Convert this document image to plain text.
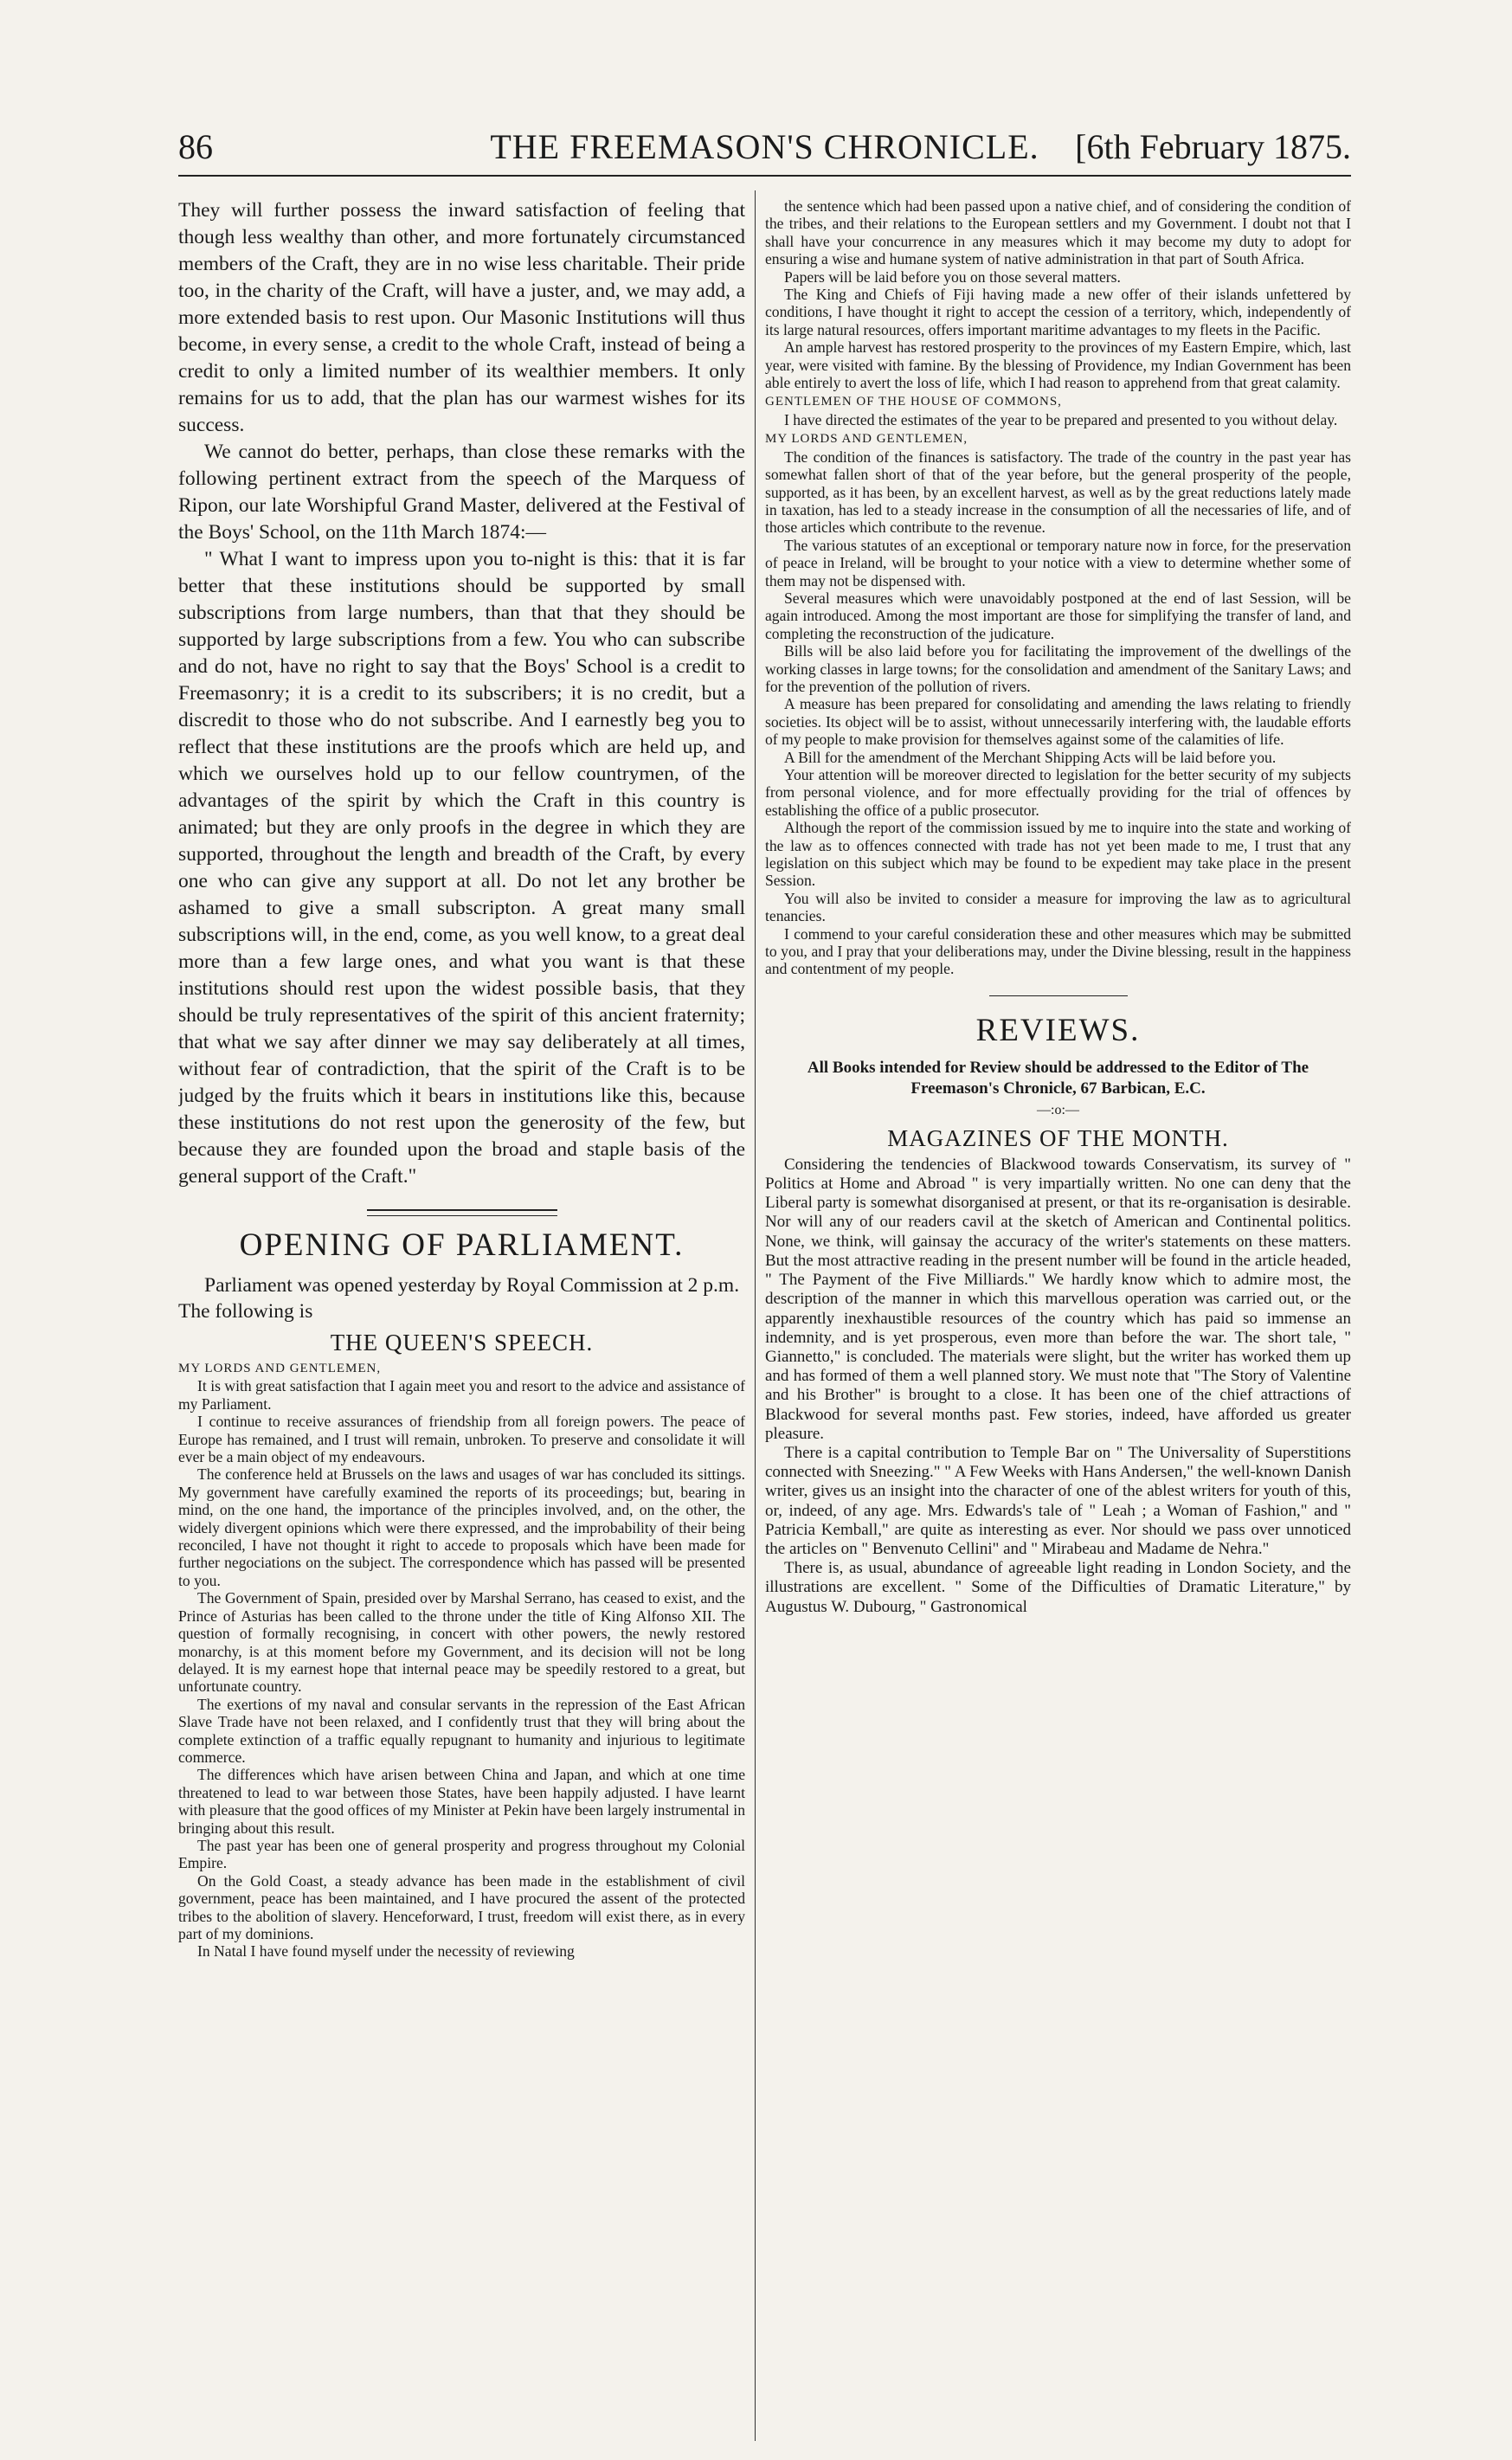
86	THE FREEMASON'S CHRONICLE.	[6th February 1875.

They will further possess the inward satisfaction of feeling that though less wealthy than other, and more fortunately circumstanced members of the Craft, they are in no wise less charitable. Their pride too, in the charity of the Craft, will have a juster, and, we may add, a more extended basis to rest upon. Our Masonic Institutions will thus become, in every sense, a credit to the whole Craft, instead of being a credit to only a limited number of its wealthier members. It only remains for us to add, that the plan has our warmest wishes for its success.

We cannot do better, perhaps, than close these remarks with the following pertinent extract from the speech of the Marquess of Ripon, our late Worshipful Grand Master, delivered at the Festival of the Boys' School, on the 11th March 1874:—

" What I want to impress upon you to-night is this: that it is far better that these institutions should be supported by small subscriptions from large numbers, than that that they should be supported by large subscriptions from a few. You who can subscribe and do not, have no right to say that the Boys' School is a credit to Freemasonry; it is a credit to its subscribers; it is no credit, but a discredit to those who do not subscribe. And I earnestly beg you to reflect that these institutions are the proofs which are held up, and which we ourselves hold up to our fellow countrymen, of the advantages of the spirit by which the Craft in this country is animated; but they are only proofs in the degree in which they are supported, throughout the length and breadth of the Craft, by every one who can give any support at all. Do not let any brother be ashamed to give a small subscripton. A great many small subscriptions will, in the end, come, as you well know, to a great deal more than a few large ones, and what you want is that these institutions should rest upon the widest possible basis, that they should be truly representatives of the spirit of this ancient fraternity; that what we say after dinner we may say deliberately at all times, without fear of contradiction, that the spirit of the Craft is to be judged by the fruits which it bears in institutions like this, because these institutions do not rest upon the generosity of the few, but because they are founded upon the broad and staple basis of the general support of the Craft."

OPENING OF PARLIAMENT.

Parliament was opened yesterday by Royal Commission at 2 p.m. The following is

THE QUEEN'S SPEECH.

MY LORDS AND GENTLEMEN,

It is with great satisfaction that I again meet you and resort to the advice and assistance of my Parliament.

I continue to receive assurances of friendship from all foreign powers. The peace of Europe has remained, and I trust will remain, unbroken. To preserve and consolidate it will ever be a main object of my endeavours.

The conference held at Brussels on the laws and usages of war has concluded its sittings. My government have carefully examined the reports of its proceedings; but, bearing in mind, on the one hand, the importance of the principles involved, and, on the other, the widely divergent opinions which were there expressed, and the improbability of their being reconciled, I have not thought it right to accede to proposals which have been made for further negociations on the subject. The correspondence which has passed will be presented to you.

The Government of Spain, presided over by Marshal Serrano, has ceased to exist, and the Prince of Asturias has been called to the throne under the title of King Alfonso XII. The question of formally recognising, in concert with other powers, the newly restored monarchy, is at this moment before my Government, and its decision will not be long delayed. It is my earnest hope that internal peace may be speedily restored to a great, but unfortunate country.

The exertions of my naval and consular servants in the repression of the East African Slave Trade have not been relaxed, and I confidently trust that they will bring about the complete extinction of a traffic equally repugnant to humanity and injurious to legitimate commerce.

The differences which have arisen between China and Japan, and which at one time threatened to lead to war between those States, have been happily adjusted. I have learnt with pleasure that the good offices of my Minister at Pekin have been largely instrumental in bringing about this result.

The past year has been one of general prosperity and progress throughout my Colonial Empire.

On the Gold Coast, a steady advance has been made in the establishment of civil government, peace has been maintained, and I have procured the assent of the protected tribes to the abolition of slavery. Henceforward, I trust, freedom will exist there, as in every part of my dominions.

In Natal I have found myself under the necessity of reviewing

the sentence which had been passed upon a native chief, and of considering the condition of the tribes, and their relations to the European settlers and my Government. I doubt not that I shall have your concurrence in any measures which it may become my duty to adopt for ensuring a wise and humane system of native administration in that part of South Africa.

Papers will be laid before you on those several matters.

The King and Chiefs of Fiji having made a new offer of their islands unfettered by conditions, I have thought it right to accept the cession of a territory, which, independently of its large natural resources, offers important maritime advantages to my fleets in the Pacific.

An ample harvest has restored prosperity to the provinces of my Eastern Empire, which, last year, were visited with famine. By the blessing of Providence, my Indian Government has been able entirely to avert the loss of life, which I had reason to apprehend from that great calamity.

GENTLEMEN OF THE HOUSE OF COMMONS,

I have directed the estimates of the year to be prepared and presented to you without delay.

MY LORDS AND GENTLEMEN,

The condition of the finances is satisfactory. The trade of the country in the past year has somewhat fallen short of that of the year before, but the general prosperity of the people, supported, as it has been, by an excellent harvest, as well as by the great reductions lately made in taxation, has led to a steady increase in the consumption of all the necessaries of life, and of those articles which contribute to the revenue.

The various statutes of an exceptional or temporary nature now in force, for the preservation of peace in Ireland, will be brought to your notice with a view to determine whether some of them may not be dispensed with.

Several measures which were unavoidably postponed at the end of last Session, will be again introduced. Among the most important are those for simplifying the transfer of land, and completing the reconstruction of the judicature.

Bills will be also laid before you for facilitating the improvement of the dwellings of the working classes in large towns; for the consolidation and amendment of the Sanitary Laws; and for the prevention of the pollution of rivers.

A measure has been prepared for consolidating and amending the laws relating to friendly societies. Its object will be to assist, without unnecessarily interfering with, the laudable efforts of my people to make provision for themselves against some of the calamities of life.

A Bill for the amendment of the Merchant Shipping Acts will be laid before you.

Your attention will be moreover directed to legislation for the better security of my subjects from personal violence, and for more effectually providing for the trial of offences by establishing the office of a public prosecutor.

Although the report of the commission issued by me to inquire into the state and working of the law as to offences connected with trade has not yet been made to me, I trust that any legislation on this subject which may be found to be expedient may take place in the present Session.

You will also be invited to consider a measure for improving the law as to agricultural tenancies.

I commend to your careful consideration these and other measures which may be submitted to you, and I pray that your deliberations may, under the Divine blessing, result in the happiness and contentment of my people.

REVIEWS.

All Books intended for Review should be addressed to the Editor of The Freemason's Chronicle, 67 Barbican, E.C.

—:o:—
MAGAZINES OF THE MONTH.

Considering the tendencies of Blackwood towards Conservatism, its survey of " Politics at Home and Abroad " is very impartially written. No one can deny that the Liberal party is somewhat disorganised at present, or that its re-organisation is desirable. Nor will any of our readers cavil at the sketch of American and Continental politics. None, we think, will gainsay the accuracy of the writer's statements on these matters. But the most attractive reading in the present number will be found in the article headed, " The Payment of the Five Milliards." We hardly know which to admire most, the description of the manner in which this marvellous operation was carried out, or the apparently inexhaustible resources of the country which has paid so immense an indemnity, and is yet prosperous, even more than before the war. The short tale, " Giannetto," is concluded. The materials were slight, but the writer has worked them up and has formed of them a well planned story. We must note that "The Story of Valentine and his Brother" is brought to a close. It has been one of the chief attractions of Blackwood for several months past. Few stories, indeed, have afforded us greater pleasure.

There is a capital contribution to Temple Bar on " The Universality of Superstitions connected with Sneezing." " A Few Weeks with Hans Andersen," the well-known Danish writer, gives us an insight into the character of one of the ablest writers for youth of this, or, indeed, of any age. Mrs. Edwards's tale of " Leah ; a Woman of Fashion," and " Patricia Kemball," are quite as interesting as ever. Nor should we pass over unnoticed the articles on " Benvenuto Cellini" and " Mirabeau and Madame de Nehra."

There is, as usual, abundance of agreeable light reading in London Society, and the illustrations are excellent. " Some of the Difficulties of Dramatic Literature," by Augustus W. Dubourg, " Gastronomical
